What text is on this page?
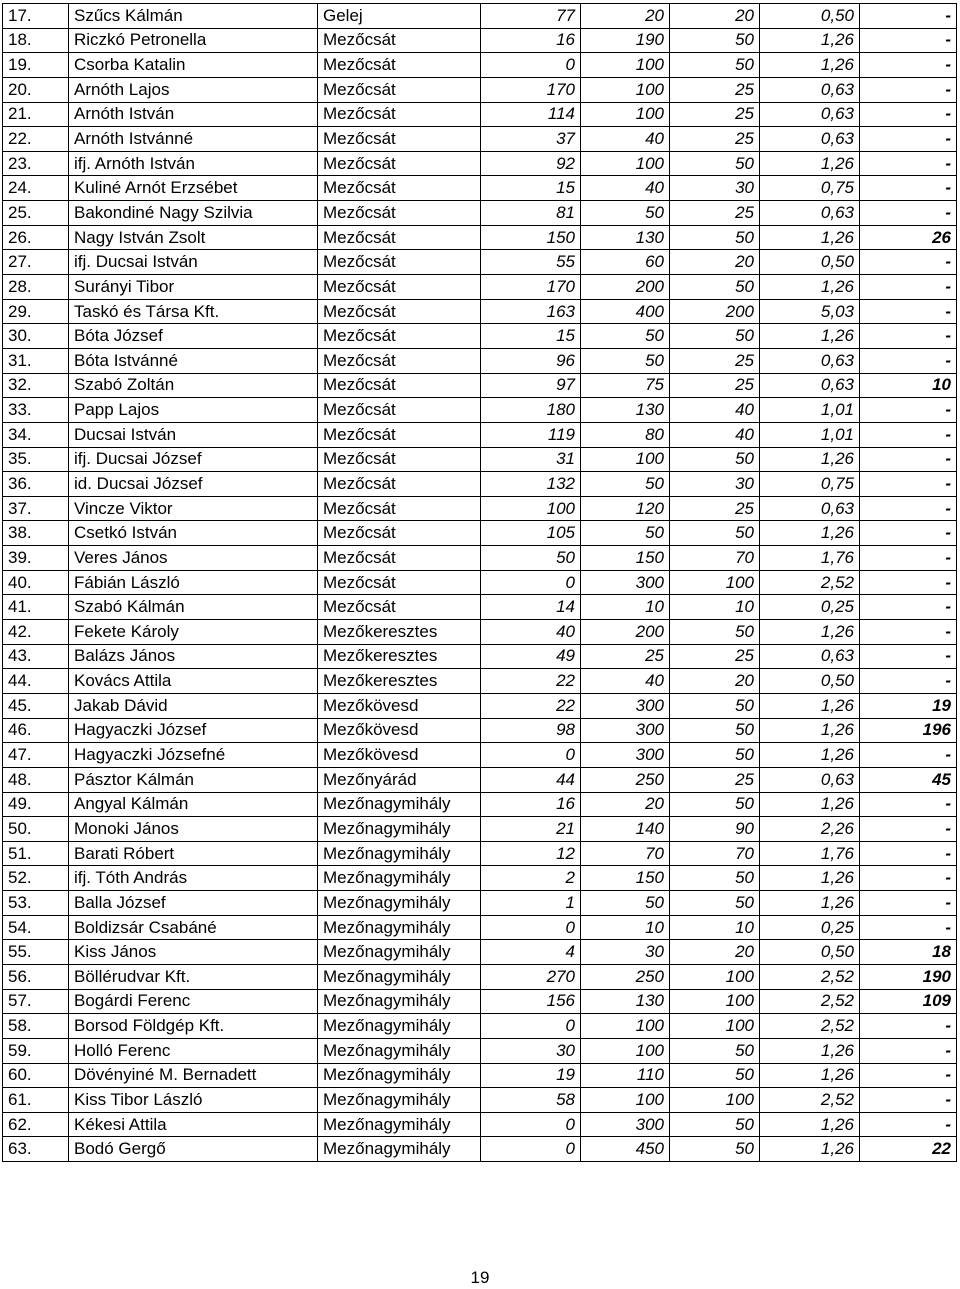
17.	Szűcs Kálmán	Gelej	77	20	20	0,50	-
18.	Riczkó Petronella	Mezőcsát	16	190	50	1,26	-
19.	Csorba Katalin	Mezőcsát	0	100	50	1,26	-
20.	Arnóth Lajos	Mezőcsát	170	100	25	0,63	-
21.	Arnóth István	Mezőcsát	114	100	25	0,63	-
22.	Arnóth Istvánné	Mezőcsát	37	40	25	0,63	-
23.	ifj. Arnóth István	Mezőcsát	92	100	50	1,26	-
24.	Kuliné Arnót Erzsébet	Mezőcsát	15	40	30	0,75	-
25.	Bakondiné Nagy Szilvia	Mezőcsát	81	50	25	0,63	-
26.	Nagy István Zsolt	Mezőcsát	150	130	50	1,26	26
27.	ifj. Ducsai István	Mezőcsát	55	60	20	0,50	-
28.	Surányi Tibor	Mezőcsát	170	200	50	1,26	-
29.	Taskó és Társa Kft.	Mezőcsát	163	400	200	5,03	-
30.	Bóta József	Mezőcsát	15	50	50	1,26	-
31.	Bóta Istvánné	Mezőcsát	96	50	25	0,63	-
32.	Szabó Zoltán	Mezőcsát	97	75	25	0,63	10
33.	Papp Lajos	Mezőcsát	180	130	40	1,01	-
34.	Ducsai István	Mezőcsát	119	80	40	1,01	-
35.	ifj. Ducsai József	Mezőcsát	31	100	50	1,26	-
36.	id. Ducsai József	Mezőcsát	132	50	30	0,75	-
37.	Vincze Viktor	Mezőcsát	100	120	25	0,63	-
38.	Csetkó István	Mezőcsát	105	50	50	1,26	-
39.	Veres János	Mezőcsát	50	150	70	1,76	-
40.	Fábián László	Mezőcsát	0	300	100	2,52	-
41.	Szabó Kálmán	Mezőcsát	14	10	10	0,25	-
42.	Fekete Károly	Mezőkeresztes	40	200	50	1,26	-
43.	Balázs János	Mezőkeresztes	49	25	25	0,63	-
44.	Kovács Attila	Mezőkeresztes	22	40	20	0,50	-
45.	Jakab Dávid	Mezőkövesd	22	300	50	1,26	19
46.	Hagyaczki József	Mezőkövesd	98	300	50	1,26	196
47.	Hagyaczki Józsefné	Mezőkövesd	0	300	50	1,26	-
48.	Pásztor Kálmán	Mezőnyárád	44	250	25	0,63	45
49.	Angyal Kálmán	Mezőnagymihály	16	20	50	1,26	-
50.	Monoki János	Mezőnagymihály	21	140	90	2,26	-
51.	Barati Róbert	Mezőnagymihály	12	70	70	1,76	-
52.	ifj. Tóth András	Mezőnagymihály	2	150	50	1,26	-
53.	Balla József	Mezőnagymihály	1	50	50	1,26	-
54.	Boldizsár Csabáné	Mezőnagymihály	0	10	10	0,25	-
55.	Kiss János	Mezőnagymihály	4	30	20	0,50	18
56.	Böllérudvar Kft.	Mezőnagymihály	270	250	100	2,52	190
57.	Bogárdi Ferenc	Mezőnagymihály	156	130	100	2,52	109
58.	Borsod Földgép Kft.	Mezőnagymihály	0	100	100	2,52	-
59.	Holló Ferenc	Mezőnagymihály	30	100	50	1,26	-
60.	Dövényiné M. Bernadett	Mezőnagymihály	19	110	50	1,26	-
61.	Kiss Tibor László	Mezőnagymihály	58	100	100	2,52	-
62.	Kékesi Attila	Mezőnagymihály	0	300	50	1,26	-
63.	Bodó Gergő	Mezőnagymihály	0	450	50	1,26	22
19
